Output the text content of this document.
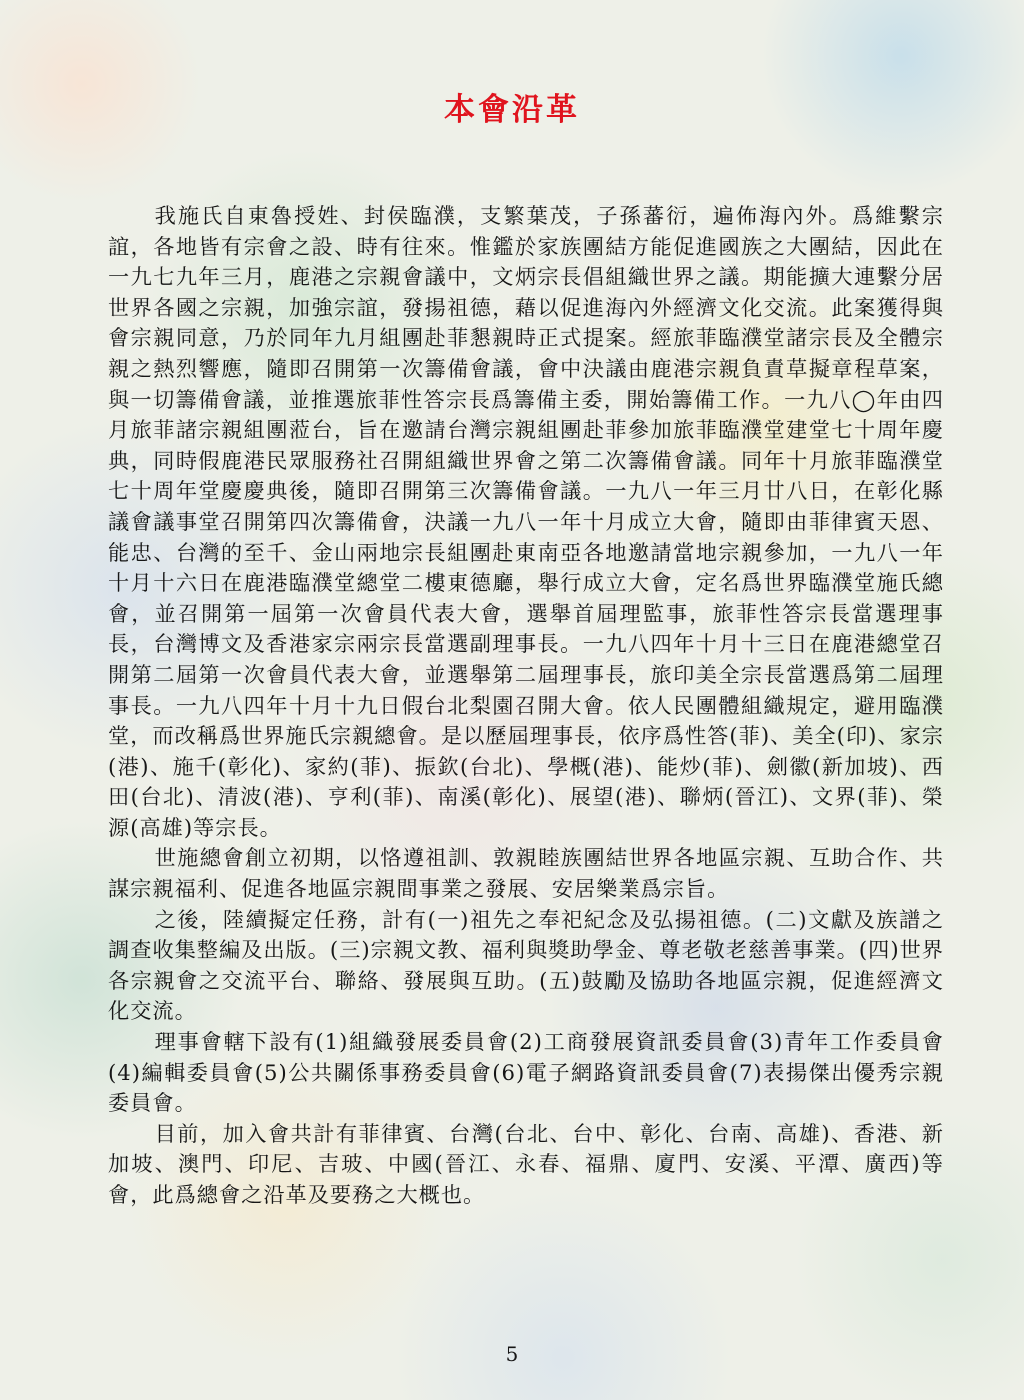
本會沿革

我施氏自東魯授姓、封侯臨濮，支繁葉茂，子孫蕃衍，遍佈海內外。爲維繫宗誼，各地皆有宗會之設、時有往來。惟鑑於家族團結方能促進國族之大團結，因此在一九七九年三月，鹿港之宗親會議中，文炳宗長倡組織世界之議。期能擴大連繫分居世界各國之宗親，加強宗誼，發揚祖德，藉以促進海內外經濟文化交流。此案獲得與會宗親同意，乃於同年九月組團赴菲懇親時正式提案。經旅菲臨濮堂諸宗長及全體宗親之熱烈響應，隨即召開第一次籌備會議，會中決議由鹿港宗親負責草擬章程草案，與一切籌備會議，並推選旅菲性答宗長爲籌備主委，開始籌備工作。一九八◯年由四月旅菲諸宗親組團蒞台，旨在邀請台灣宗親組團赴菲參加旅菲臨濮堂建堂七十周年慶典，同時假鹿港民眾服務社召開組織世界會之第二次籌備會議。同年十月旅菲臨濮堂七十周年堂慶慶典後，隨即召開第三次籌備會議。一九八一年三月廿八日，在彰化縣議會議事堂召開第四次籌備會，決議一九八一年十月成立大會，隨即由菲律賓天恩、能忠、台灣的至千、金山兩地宗長組團赴東南亞各地邀請當地宗親參加，一九八一年十月十六日在鹿港臨濮堂總堂二樓東德廳，舉行成立大會，定名爲世界臨濮堂施氏總會，並召開第一屆第一次會員代表大會，選舉首屆理監事，旅菲性答宗長當選理事長，台灣博文及香港家宗兩宗長當選副理事長。一九八四年十月十三日在鹿港總堂召開第二屆第一次會員代表大會，並選舉第二屆理事長，旅印美全宗長當選爲第二屆理事長。一九八四年十月十九日假台北梨園召開大會。依人民團體組織規定，避用臨濮堂，而改稱爲世界施氏宗親總會。是以歷屆理事長，依序爲性答(菲)、美全(印)、家宗(港)、施千(彰化)、家約(菲)、振欽(台北)、學概(港)、能炒(菲)、劍徽(新加坡)、西田(台北)、清波(港)、亨利(菲)、南溪(彰化)、展望(港)、聯炳(晉江)、文界(菲)、榮源(高雄)等宗長。

世施總會創立初期，以恪遵祖訓、敦親睦族團結世界各地區宗親、互助合作、共謀宗親福利、促進各地區宗親間事業之發展、安居樂業爲宗旨。

之後，陸續擬定任務，計有(一)祖先之奉祀紀念及弘揚祖德。(二)文獻及族譜之調查收集整編及出版。(三)宗親文教、福利與獎助學金、尊老敬老慈善事業。(四)世界各宗親會之交流平台、聯絡、發展與互助。(五)鼓勵及協助各地區宗親，促進經濟文化交流。

理事會轄下設有(1)組織發展委員會(2)工商發展資訊委員會(3)青年工作委員會(4)編輯委員會(5)公共關係事務委員會(6)電子網路資訊委員會(7)表揚傑出優秀宗親委員會。

目前，加入會共計有菲律賓、台灣(台北、台中、彰化、台南、高雄)、香港、新加坡、澳門、印尼、吉玻、中國(晉江、永春、福鼎、廈門、安溪、平潭、廣西)等會，此爲總會之沿革及要務之大概也。

5
